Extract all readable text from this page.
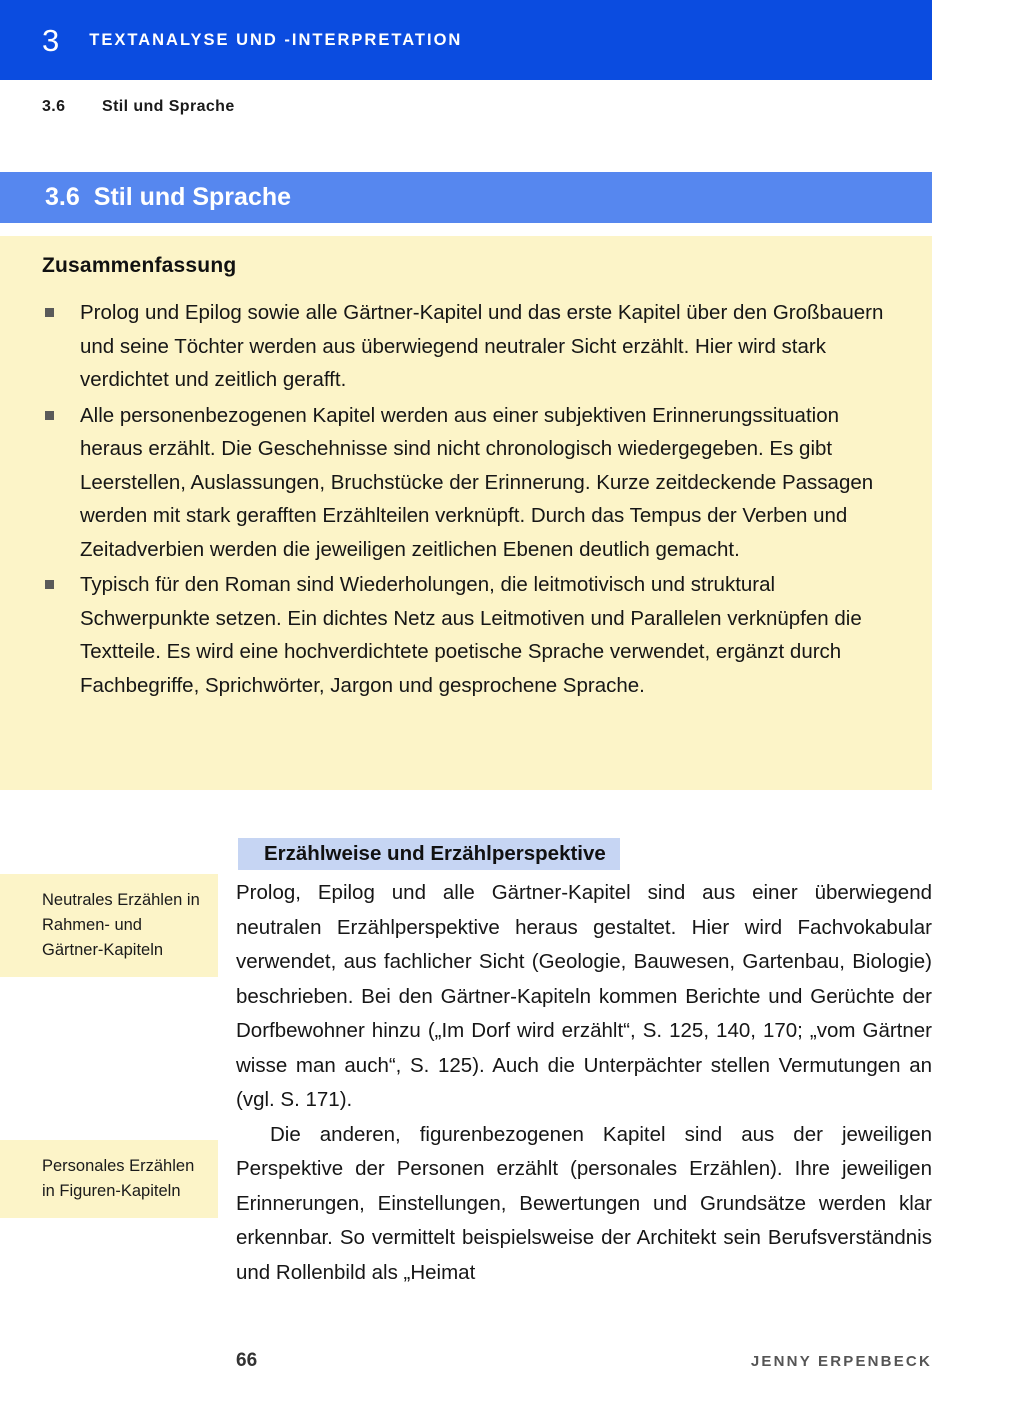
3 TEXTANALYSE UND -INTERPRETATION
3.6 Stil und Sprache
3.6 Stil und Sprache
Zusammenfassung
Prolog und Epilog sowie alle Gärtner-Kapitel und das erste Kapitel über den Großbauern und seine Töchter werden aus überwiegend neutraler Sicht erzählt. Hier wird stark verdichtet und zeitlich gerafft.
Alle personenbezogenen Kapitel werden aus einer subjektiven Erinnerungssituation heraus erzählt. Die Geschehnisse sind nicht chronologisch wiedergegeben. Es gibt Leerstellen, Auslassungen, Bruchstücke der Erinnerung. Kurze zeitdeckende Passagen werden mit stark gerafften Erzählteilen verknüpft. Durch das Tempus der Verben und Zeitadverbien werden die jeweiligen zeitlichen Ebenen deutlich gemacht.
Typisch für den Roman sind Wiederholungen, die leitmotivisch und struktural Schwerpunkte setzen. Ein dichtes Netz aus Leitmotiven und Parallelen verknüpfen die Textteile. Es wird eine hochverdichtete poetische Sprache verwendet, ergänzt durch Fachbegriffe, Sprichwörter, Jargon und gesprochene Sprache.
Erzählweise und Erzählperspektive
Neutrales Erzählen in Rahmen- und Gärtner-Kapiteln
Personales Erzählen in Figuren-Kapiteln

Prolog, Epilog und alle Gärtner-Kapitel sind aus einer überwiegend neutralen Erzählperspektive heraus gestaltet. Hier wird Fachvokabular verwendet, aus fachlicher Sicht (Geologie, Bauwesen, Gartenbau, Biologie) beschrieben. Bei den Gärtner-Kapiteln kommen Berichte und Gerüchte der Dorfbewohner hinzu („Im Dorf wird erzählt“, S. 125, 140, 170; „vom Gärtner wisse man auch“, S. 125). Auch die Unterpächter stellen Vermutungen an (vgl. S. 171).

Die anderen, figurenbezogenen Kapitel sind aus der jeweiligen Perspektive der Personen erzählt (personales Erzählen). Ihre jeweiligen Erinnerungen, Einstellungen, Bewertungen und Grundsätze werden klar erkennbar. So vermittelt beispielsweise der Architekt sein Berufsverständnis und Rollenbild als „Heimat

66	JENNY ERPENBECK
